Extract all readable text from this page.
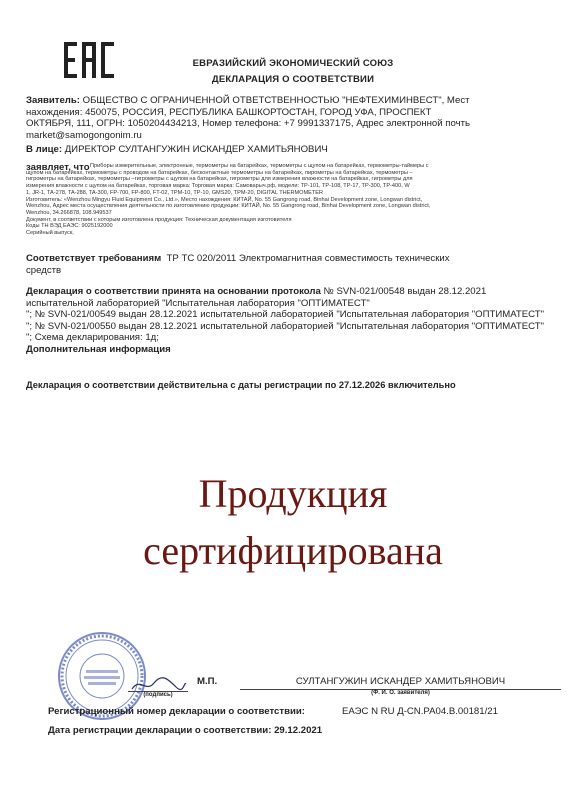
ЕВРАЗИЙСКИЙ ЭКОНОМИЧЕСКИЙ СОЮЗ
ДЕКЛАРАЦИЯ О СООТВЕТСТВИИ
Заявитель: ОБЩЕСТВО С ОГРАНИЧЕННОЙ ОТВЕТСТВЕННОСТЬЮ "НЕФТЕХИМИНВЕСТ", Мест
нахождения: 450075, РОССИЯ, РЕСПУБЛИКА БАШКОРТОСТАН, ГОРОД УФА, ПРОСПЕКТ
ОКТЯБРЯ, 111, ОГРН: 1050204434213, Номер телефона: +7 9991337175, Адрес электронной почть
market@samogongonim.ru
В лице: ДИРЕКТОР СУЛТАНГУЖИН ИСКАНДЕР ХАМИТЬЯНОВИЧ
заявляет, что Приборы измерительные, электронные, термометры на батарейках, термометры с щупом на батарейках, термометры-таймеры с
щупом на батарейках, термометры с проводом на батарейках, бесконтактные термометры на батарейках, пирометры на батарейках, термометры –
гигрометры на батарейках, термометры –гигрометры с щупом на батарейках, гигрометры для измерения влажности на батарейках, гигрометры для
измерения влажности с щупом на батарейках, торговая марка: Торговая марка: Самоварыч.рф, модели: TP-101, TP-108, TP-17, TP-300, TP-400, W
1, JR-1, TA-278, TA-288, TA-300, FP-700, FP-800, FT-02, TPM-10, TP-10, GMS20, TPM-20, DIGITAL THERMOMETER
Изготовитель: «Wenzhou Mingyu Fluid Equipment Co., Ltd.», Место нахождения: КИТАЙ, No. 55 Gangrong road, Binhai Development zone, Longwan district,
Wenzhou, Адрес места осуществления деятельности по изготовлению продукции: КИТАЙ, No. 55 Gangrong road, Binhai Development zone, Longwan district,
Wenzhou, 34.266878, 108.949537
Документ, в соответствии с которым изготовлена продукция: Техническая документация изготовителя
Коды ТН ВЭД ЕАЭС: 9025192000
Серийный выпуск,
Соответствует требованиям ТР ТС 020/2011 Электромагнитная совместимость технических
средств
Декларация о соответствии принята на основании протокола № SVN-021/00548 выдан 28.12.2021
испытательной лабораторией "Испытательная лаборатория "ОПТИМАТЕСТ"
"; № SVN-021/00549 выдан 28.12.2021 испытательной лабораторией "Испытательная лаборатория "ОПТИМАТЕСТ"
"; № SVN-021/00550 выдан 28.12.2021 испытательной лабораторией "Испытательная лаборатория "ОПТИМАТЕСТ"
"; Схема декларирования: 1д;
Дополнительная информация
Декларация о соответствии действительна с даты регистрации по 27.12.2026 включительно
Продукция
сертифицирована
М.П.
(подпись)
СУЛТАНГУЖИН ИСКАНДЕР ХАМИТЬЯНОВИЧ
(Ф. И. О. заявителя)
Регистрационный номер декларации о соответствии:	ЕАЭС N RU Д-CN.PA04.B.00181/21
Дата регистрации декларации о соответствии: 29.12.2021
